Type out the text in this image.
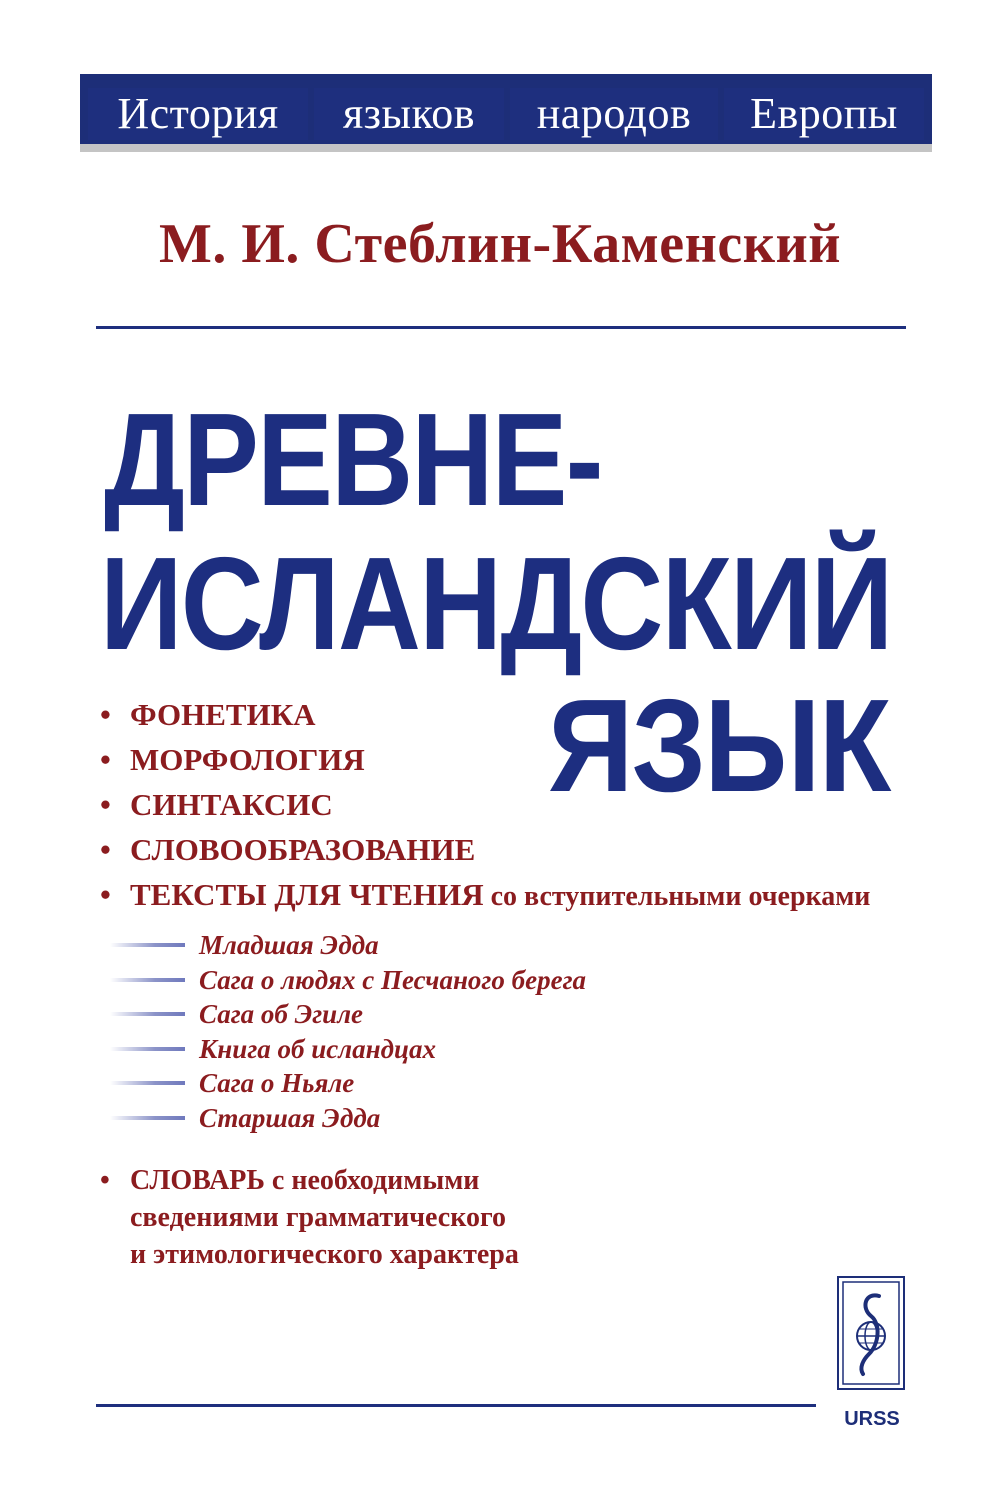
История	языков	народов	Европы
М. И. Стеблин-Каменский
ДРЕВНЕ-
ИСЛАНДСКИЙ
ЯЗЫК
• ФОНЕТИКА
• МОРФОЛОГИЯ
• СИНТАКСИС
• СЛОВООБРАЗОВАНИЕ
• ТЕКСТЫ ДЛЯ ЧТЕНИЯ со вступительными очерками
Младшая Эдда
Сага о людях с Песчаного берега
Сага об Эгиле
Книга об исландцах
Сага о Ньяле
Старшая Эдда
• СЛОВАРЬ с необходимыми
сведениями грамматического
и этимологического характера
URSS
